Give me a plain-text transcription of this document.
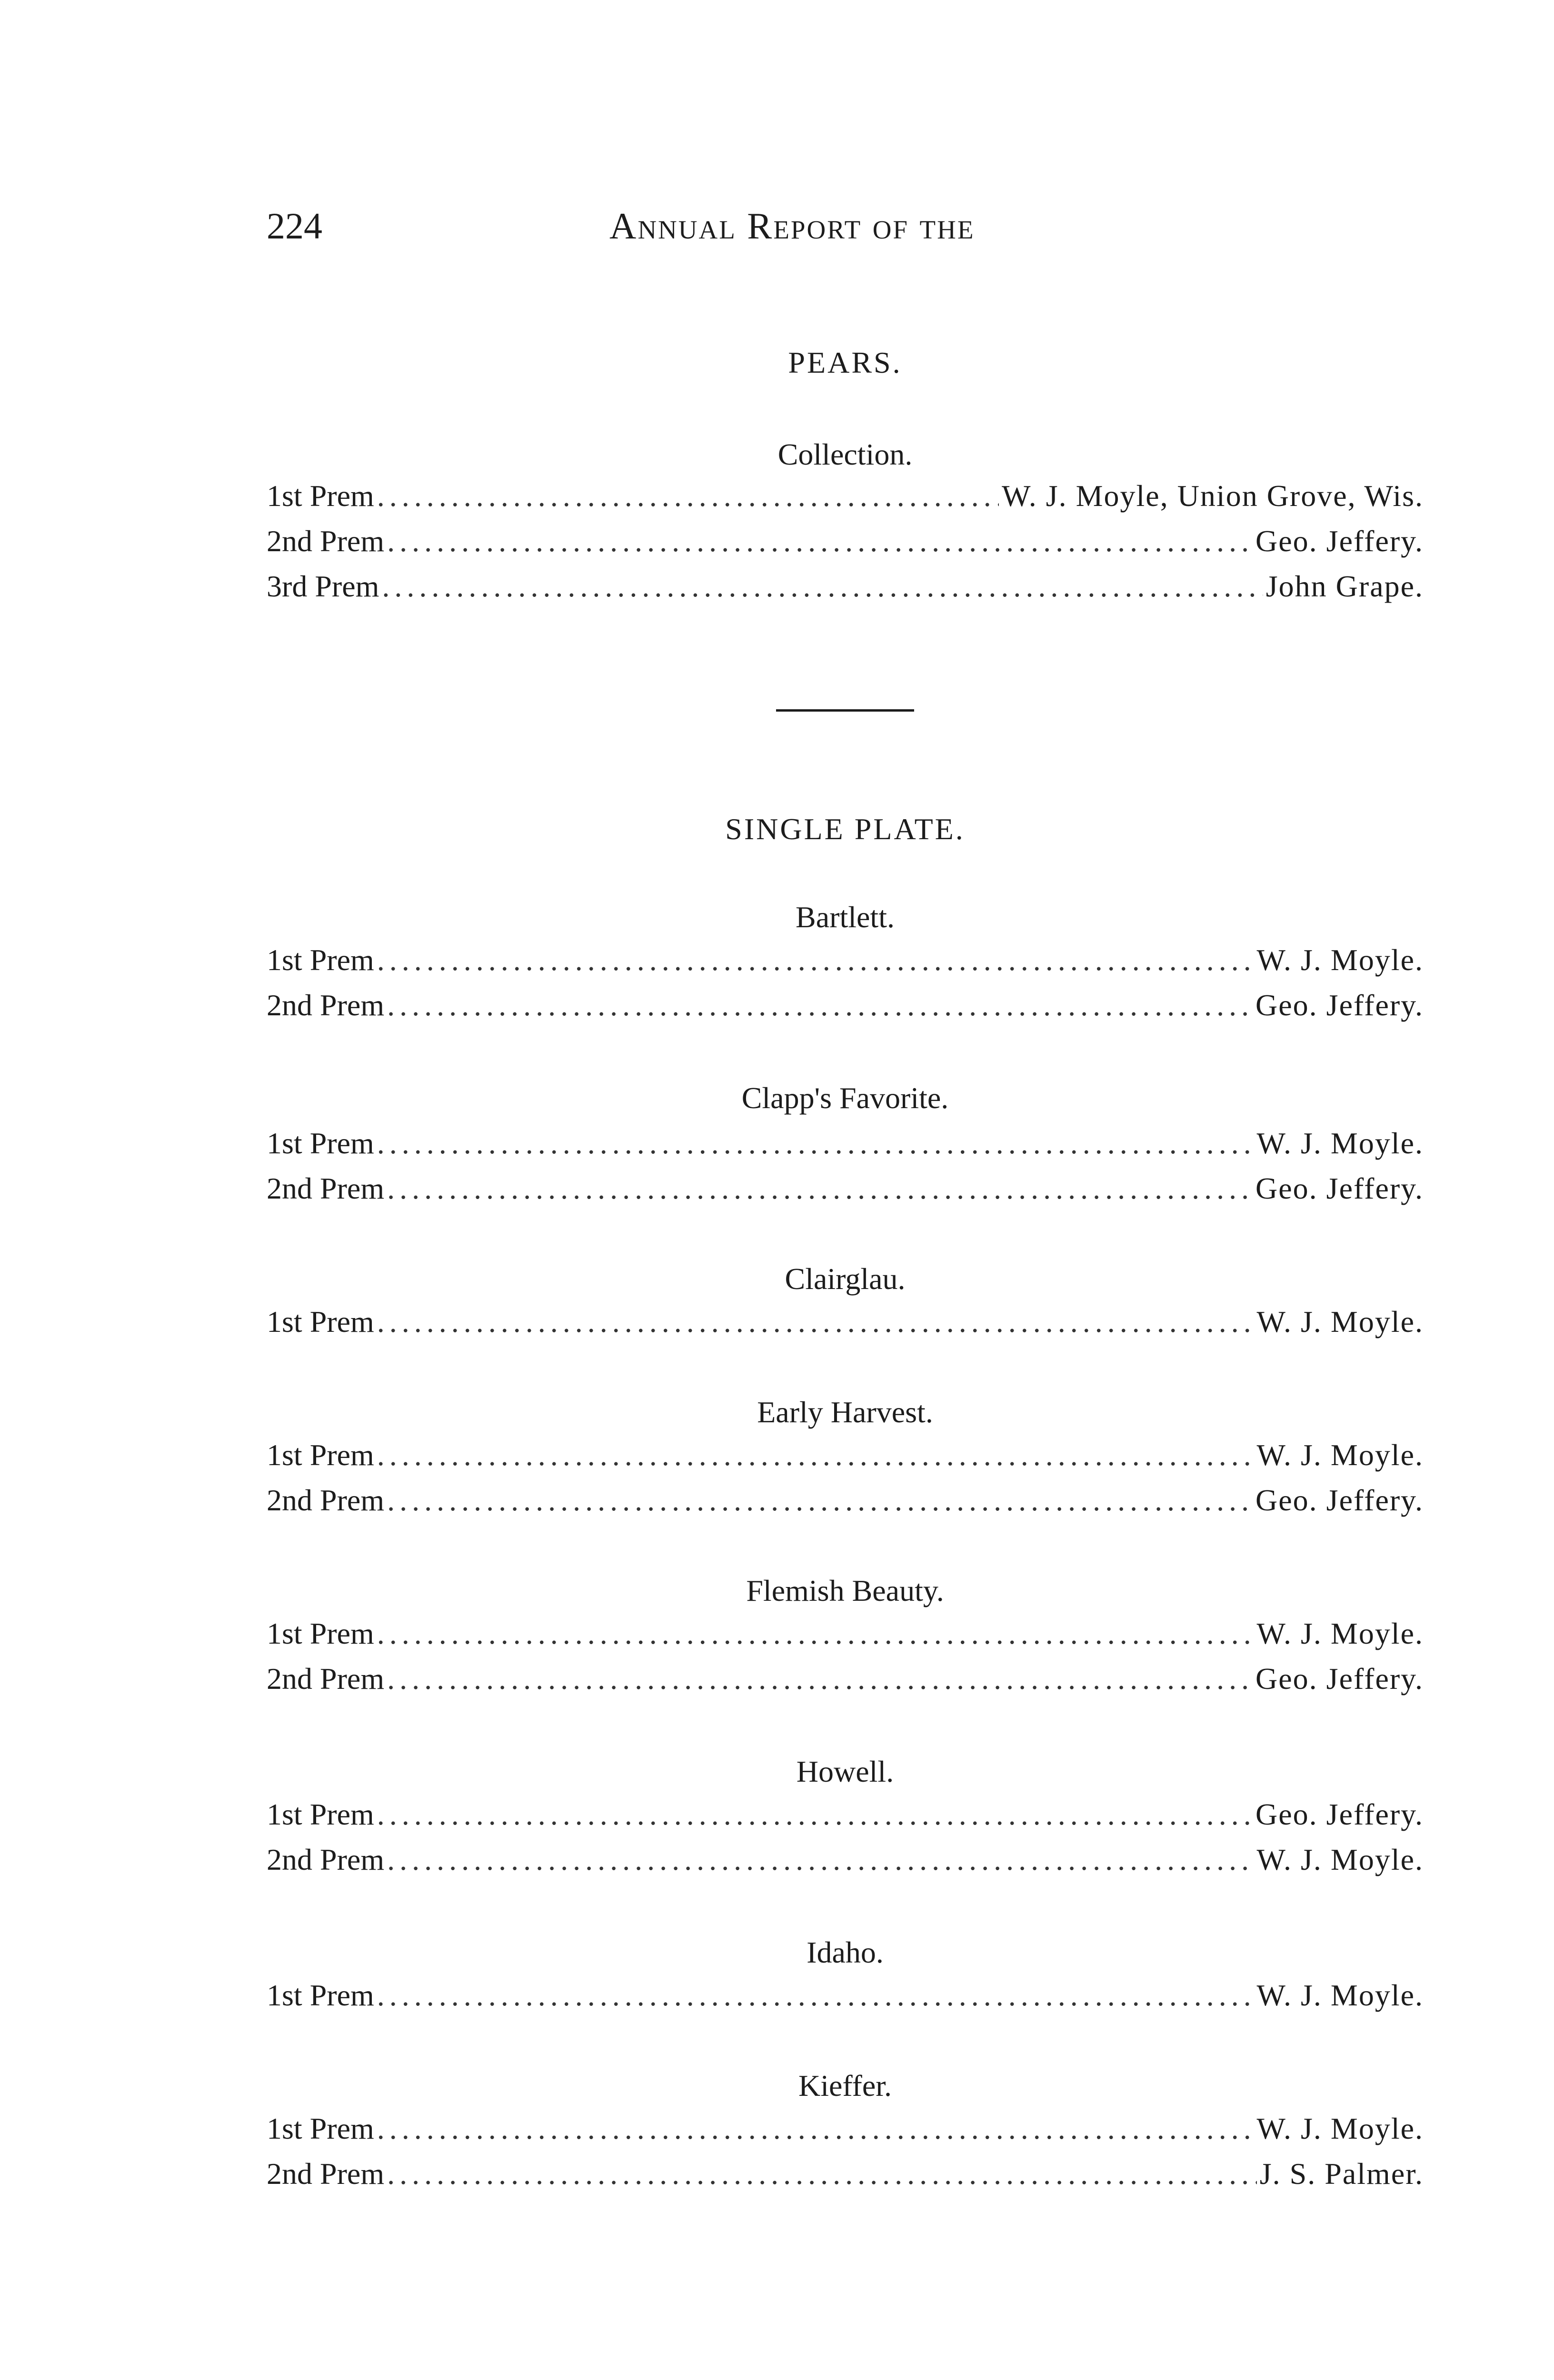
224	Annual Report of the
PEARS.
Collection.
1st Prem .....	W. J. Moyle, Union Grove, Wis.
2nd Prem .....	Geo. Jeffery.
3rd Prem .....	John Grape.
SINGLE PLATE.
Bartlett.
1st Prem .....	W. J. Moyle.
2nd Prem .....	Geo. Jeffery.
Clapp's Favorite.
1st Prem .....	W. J. Moyle.
2nd Prem .....	Geo. Jeffery.
Clairglau.
1st Prem .....	W. J. Moyle.
Early Harvest.
1st Prem .....	W. J. Moyle.
2nd Prem .....	Geo. Jeffery.
Flemish Beauty.
1st Prem .....	W. J. Moyle.
2nd Prem .....	Geo. Jeffery.
Howell.
1st Prem .....	Geo. Jeffery.
2nd Prem .....	W. J. Moyle.
Idaho.
1st Prem .....	W. J. Moyle.
Kieffer.
1st Prem .....	W. J. Moyle.
2nd Prem .....	J. S. Palmer.
